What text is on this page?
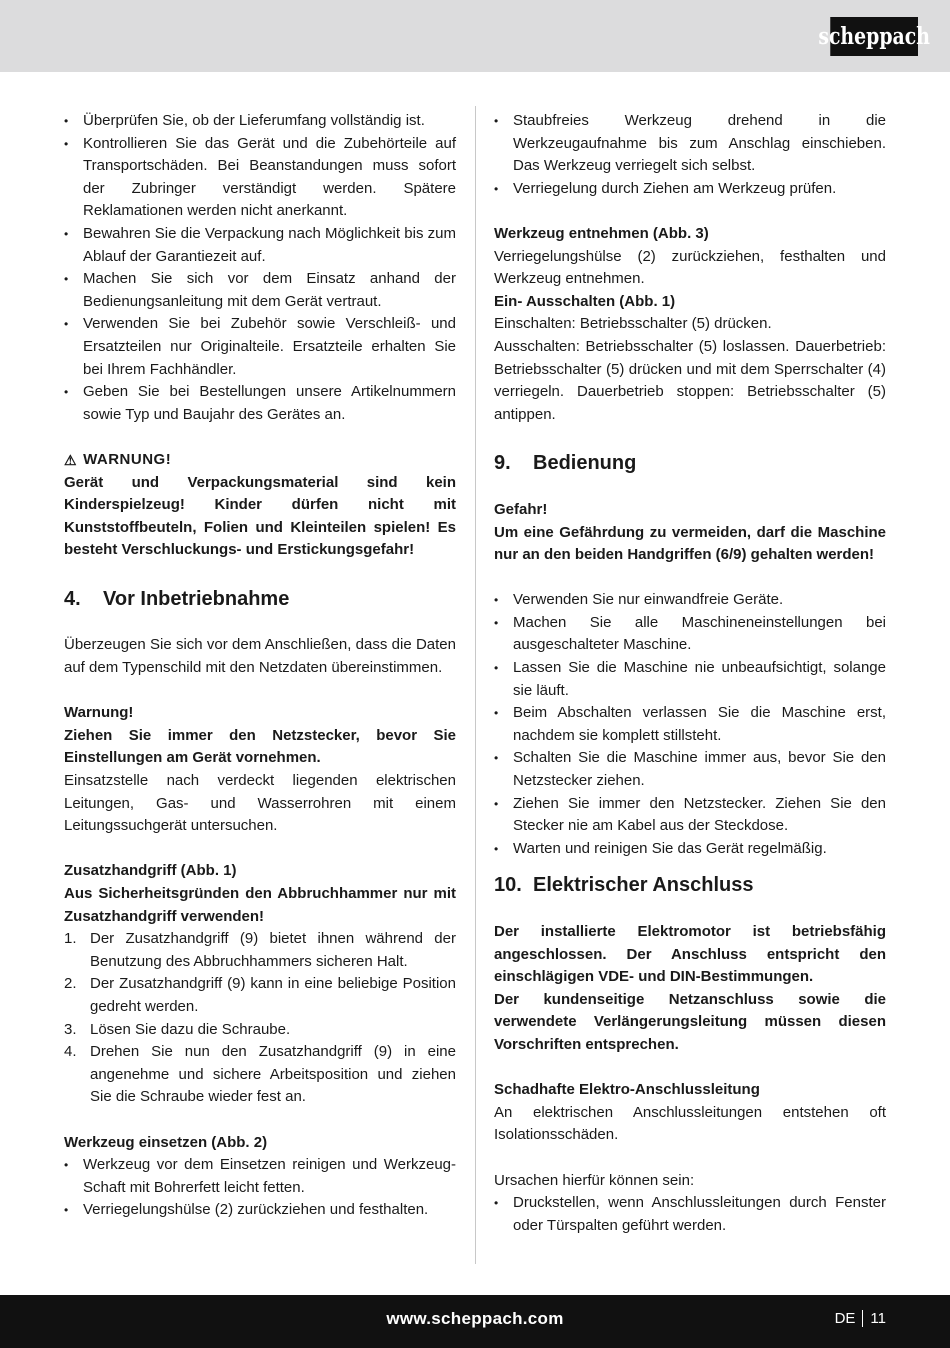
scheppach
• Überprüfen Sie, ob der Lieferumfang vollständig ist.
• Kontrollieren Sie das Gerät und die Zubehörteile auf Transportschäden. Bei Beanstandungen muss sofort der Zubringer verständigt werden. Spätere Reklamationen werden nicht anerkannt.
• Bewahren Sie die Verpackung nach Möglichkeit bis zum Ablauf der Garantiezeit auf.
• Machen Sie sich vor dem Einsatz anhand der Bedienungsanleitung mit dem Gerät vertraut.
• Verwenden Sie bei Zubehör sowie Verschleiß- und Ersatzteilen nur Originalteile. Ersatzteile erhalten Sie bei Ihrem Fachhändler.
• Geben Sie bei Bestellungen unsere Artikelnummern sowie Typ und Baujahr des Gerätes an.
⚠ WARNUNG!

Gerät und Verpackungsmaterial sind kein Kinderspielzeug! Kinder dürfen nicht mit Kunststoffbeuteln, Folien und Kleinteilen spielen! Es besteht Verschluckungs- und Erstickungsgefahr!

4.	Vor Inbetriebnahme

Überzeugen Sie sich vor dem Anschließen, dass die Daten auf dem Typenschild mit den Netzdaten übereinstimmen.

Warnung!

Ziehen Sie immer den Netzstecker, bevor Sie Einstellungen am Gerät vornehmen.

Einsatzstelle nach verdeckt liegenden elektrischen Leitungen, Gas- und Wasserrohren mit einem Leitungssuchgerät untersuchen.

Zusatzhandgriff (Abb. 1)

Aus Sicherheitsgründen den Abbruchhammer nur mit Zusatzhandgriff verwenden!

1. Der Zusatzhandgriff (9) bietet ihnen während der Benutzung des Abbruchhammers sicheren Halt.
2. Der Zusatzhandgriff (9) kann in eine beliebige Position gedreht werden.
3. Lösen Sie dazu die Schraube.
4. Drehen Sie nun den Zusatzhandgriff (9) in eine angenehme und sichere Arbeitsposition und ziehen Sie die Schraube wieder fest an.

Werkzeug einsetzen (Abb. 2)

• Werkzeug vor dem Einsetzen reinigen und Werkzeug-Schaft mit Bohrerfett leicht fetten.
• Verriegelungshülse (2) zurückziehen und festhalten.
• Staubfreies Werkzeug drehend in die Werkzeugaufnahme bis zum Anschlag einschieben. Das Werkzeug verriegelt sich selbst.
• Verriegelung durch Ziehen am Werkzeug prüfen.

Werkzeug entnehmen (Abb. 3)

Verriegelungshülse (2) zurückziehen, festhalten und Werkzeug entnehmen.

Ein- Ausschalten (Abb. 1)

Einschalten: Betriebsschalter (5) drücken.

Ausschalten: Betriebsschalter (5) loslassen. Dauerbetrieb: Betriebsschalter (5) drücken und mit dem Sperrschalter (4) verriegeln. Dauerbetrieb stoppen: Betriebsschalter (5) antippen.

9.	Bedienung

Gefahr!

Um eine Gefährdung zu vermeiden, darf die Maschine nur an den beiden Handgriffen (6/9) gehalten werden!

• Verwenden Sie nur einwandfreie Geräte.
• Machen Sie alle Maschineneinstellungen bei ausgeschalteter Maschine.
• Lassen Sie die Maschine nie unbeaufsichtigt, solange sie läuft.
• Beim Abschalten verlassen Sie die Maschine erst, nachdem sie komplett stillsteht.
• Schalten Sie die Maschine immer aus, bevor Sie den Netzstecker ziehen.
• Ziehen Sie immer den Netzstecker. Ziehen Sie den Stecker nie am Kabel aus der Steckdose.
• Warten und reinigen Sie das Gerät regelmäßig.
10. Elektrischer Anschluss

Der installierte Elektromotor ist betriebsfähig angeschlossen. Der Anschluss entspricht den einschlägigen VDE- und DIN-Bestimmungen.

Der kundenseitige Netzanschluss sowie die verwendete Verlängerungsleitung müssen diesen Vorschriften entsprechen.

Schadhafte Elektro-Anschlussleitung

An elektrischen Anschlussleitungen entstehen oft Isolationsschäden.

Ursachen hierfür können sein:

• Druckstellen, wenn Anschlussleitungen durch Fenster oder Türspalten geführt werden.
www.scheppach.com	DE 11
